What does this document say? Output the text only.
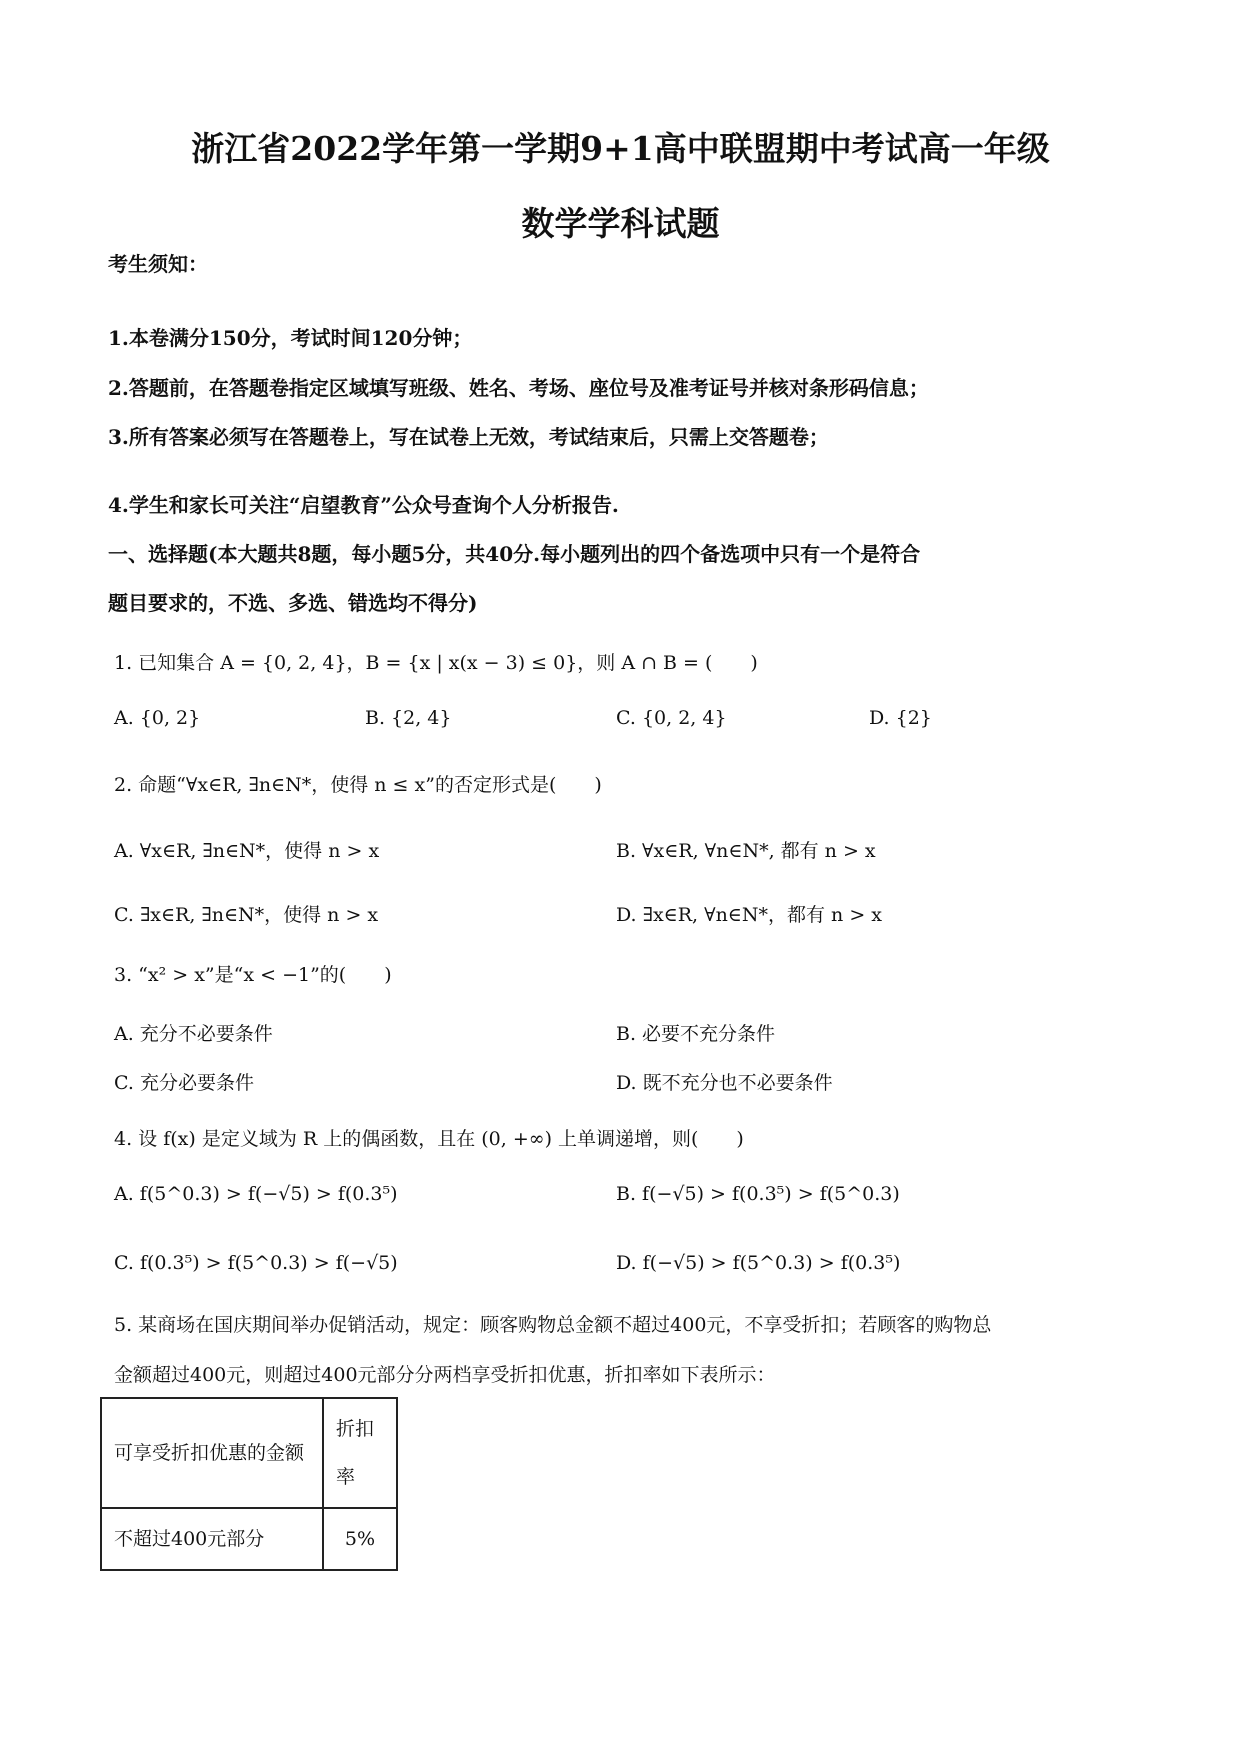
浙江省2022学年第一学期9+1高中联盟期中考试高一年级
数学学科试题
考生须知：
1.本卷满分150分，考试时间120分钟；
2.答题前，在答题卷指定区域填写班级、姓名、考场、座位号及准考证号并核对条形码信息；
3.所有答案必须写在答题卷上，写在试卷上无效，考试结束后，只需上交答题卷；
4.学生和家长可关注“启望教育”公众号查询个人分析报告.
一、选择题(本大题共8题，每小题5分，共40分.每小题列出的四个备选项中只有一个是符合
题目要求的，不选、多选、错选均不得分)
1. 已知集合 A = {0, 2, 4}，B = {x | x(x − 3) ≤ 0}，则 A ∩ B = (　　)
A. {0, 2}	B. {2, 4}	C. {0, 2, 4}	D. {2}
2. 命题“∀x∈R, ∃n∈N*，使得 n ≤ x”的否定形式是(　　)
A. ∀x∈R, ∃n∈N*，使得 n > x	B. ∀x∈R, ∀n∈N*, 都有 n > x
C. ∃x∈R, ∃n∈N*，使得 n > x	D. ∃x∈R, ∀n∈N*，都有 n > x
3. “x² > x”是“x < −1”的(　　)
A. 充分不必要条件	B. 必要不充分条件
C. 充分必要条件	D. 既不充分也不必要条件
4. 设 f(x) 是定义域为 R 上的偶函数，且在 (0, +∞) 上单调递增，则(　　)
A. f(5^0.3) > f(−√5) > f(0.3⁵)	B. f(−√5) > f(0.3⁵) > f(5^0.3)
C. f(0.3⁵) > f(5^0.3) > f(−√5)	D. f(−√5) > f(5^0.3) > f(0.3⁵)
5. 某商场在国庆期间举办促销活动，规定：顾客购物总金额不超过400元，不享受折扣；若顾客的购物总
金额超过400元，则超过400元部分分两档享受折扣优惠，折扣率如下表所示：
可享受折扣优惠的金额	折扣率
不超过400元部分	5%
